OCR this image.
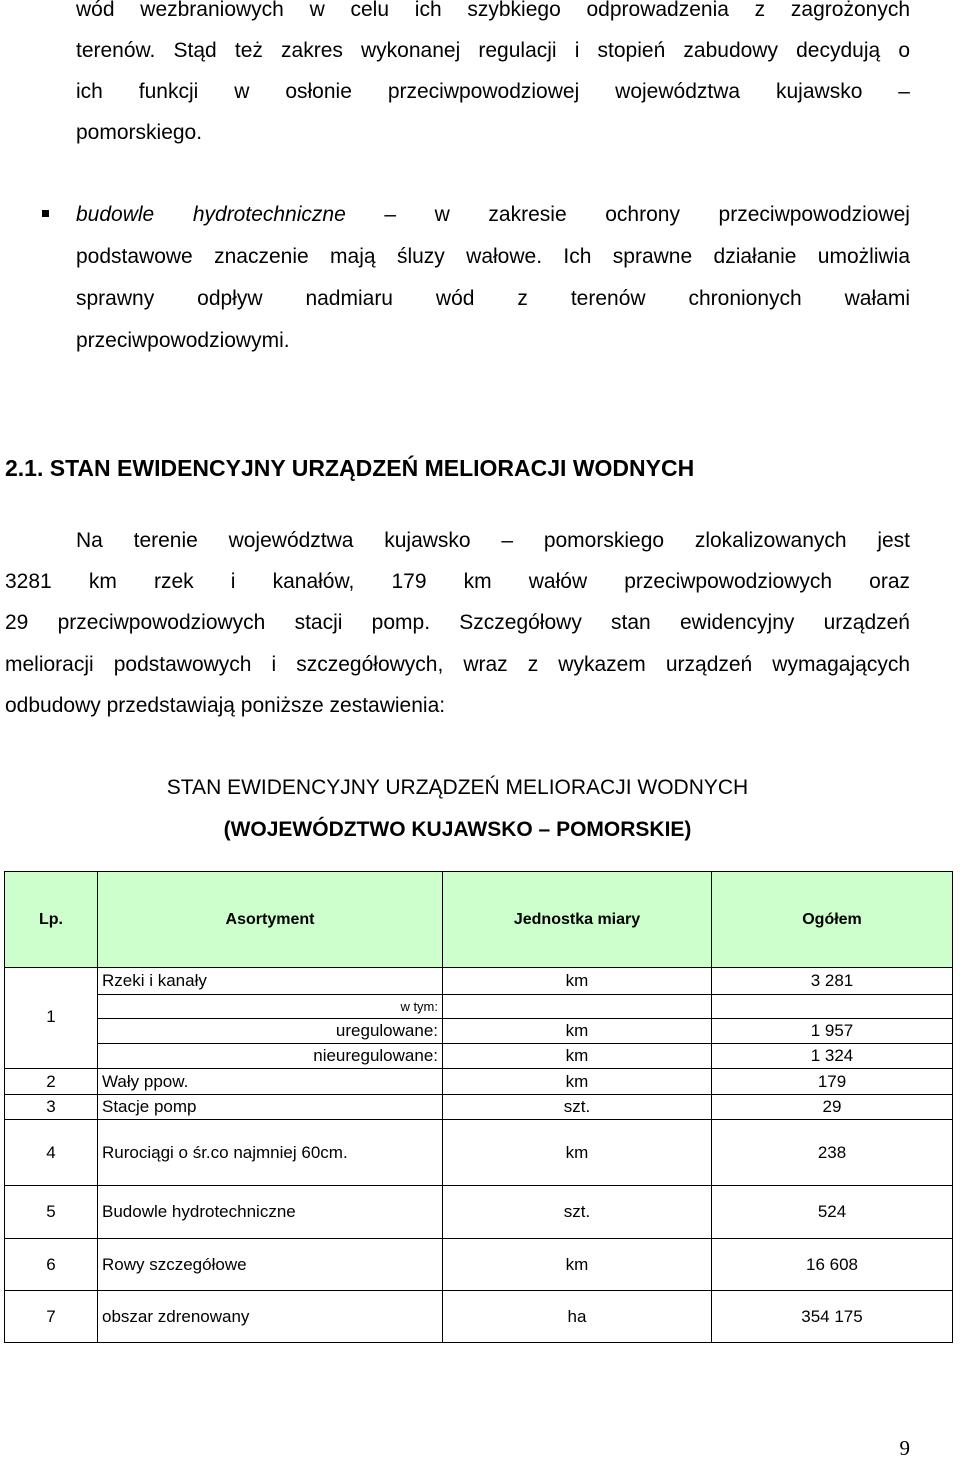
wód wezbraniowych w celu ich szybkiego odprowadzenia z zagrożonych
terenów. Stąd też zakres wykonanej regulacji i stopień zabudowy decydują o
ich funkcji w osłonie przeciwpowodziowej województwa kujawsko –
pomorskiego.
budowle hydrotechniczne – w zakresie ochrony przeciwpowodziowej
podstawowe znaczenie mają śluzy wałowe. Ich sprawne działanie umożliwia
sprawny odpływ nadmiaru wód z terenów chronionych wałami
przeciwpowodziowymi.
2.1. STAN EWIDENCYJNY URZĄDZEŃ MELIORACJI WODNYCH
Na terenie województwa kujawsko – pomorskiego zlokalizowanych jest
3281 km rzek i kanałów, 179 km wałów przeciwpowodziowych oraz
29 przeciwpowodziowych stacji pomp. Szczegółowy stan ewidencyjny urządzeń
melioracji podstawowych i szczegółowych, wraz z wykazem urządzeń wymagających
odbudowy przedstawiają poniższe zestawienia:
STAN EWIDENCYJNY URZĄDZEŃ MELIORACJI WODNYCH
(WOJEWÓDZTWO KUJAWSKO – POMORSKIE)
Lp.	Asortyment	Jednostka miary	Ogółem
1	Rzeki i kanały	km	3 281
	w tym:		
	uregulowane:	km	1 957
	nieuregulowane:	km	1 324
2	Wały ppow.	km	179
3	Stacje pomp	szt.	29
4	Rurociągi o śr.co najmniej 60cm.	km	238
5	Budowle hydrotechniczne	szt.	524
6	Rowy szczegółowe	km	16 608
7	obszar zdrenowany	ha	354 175
9
